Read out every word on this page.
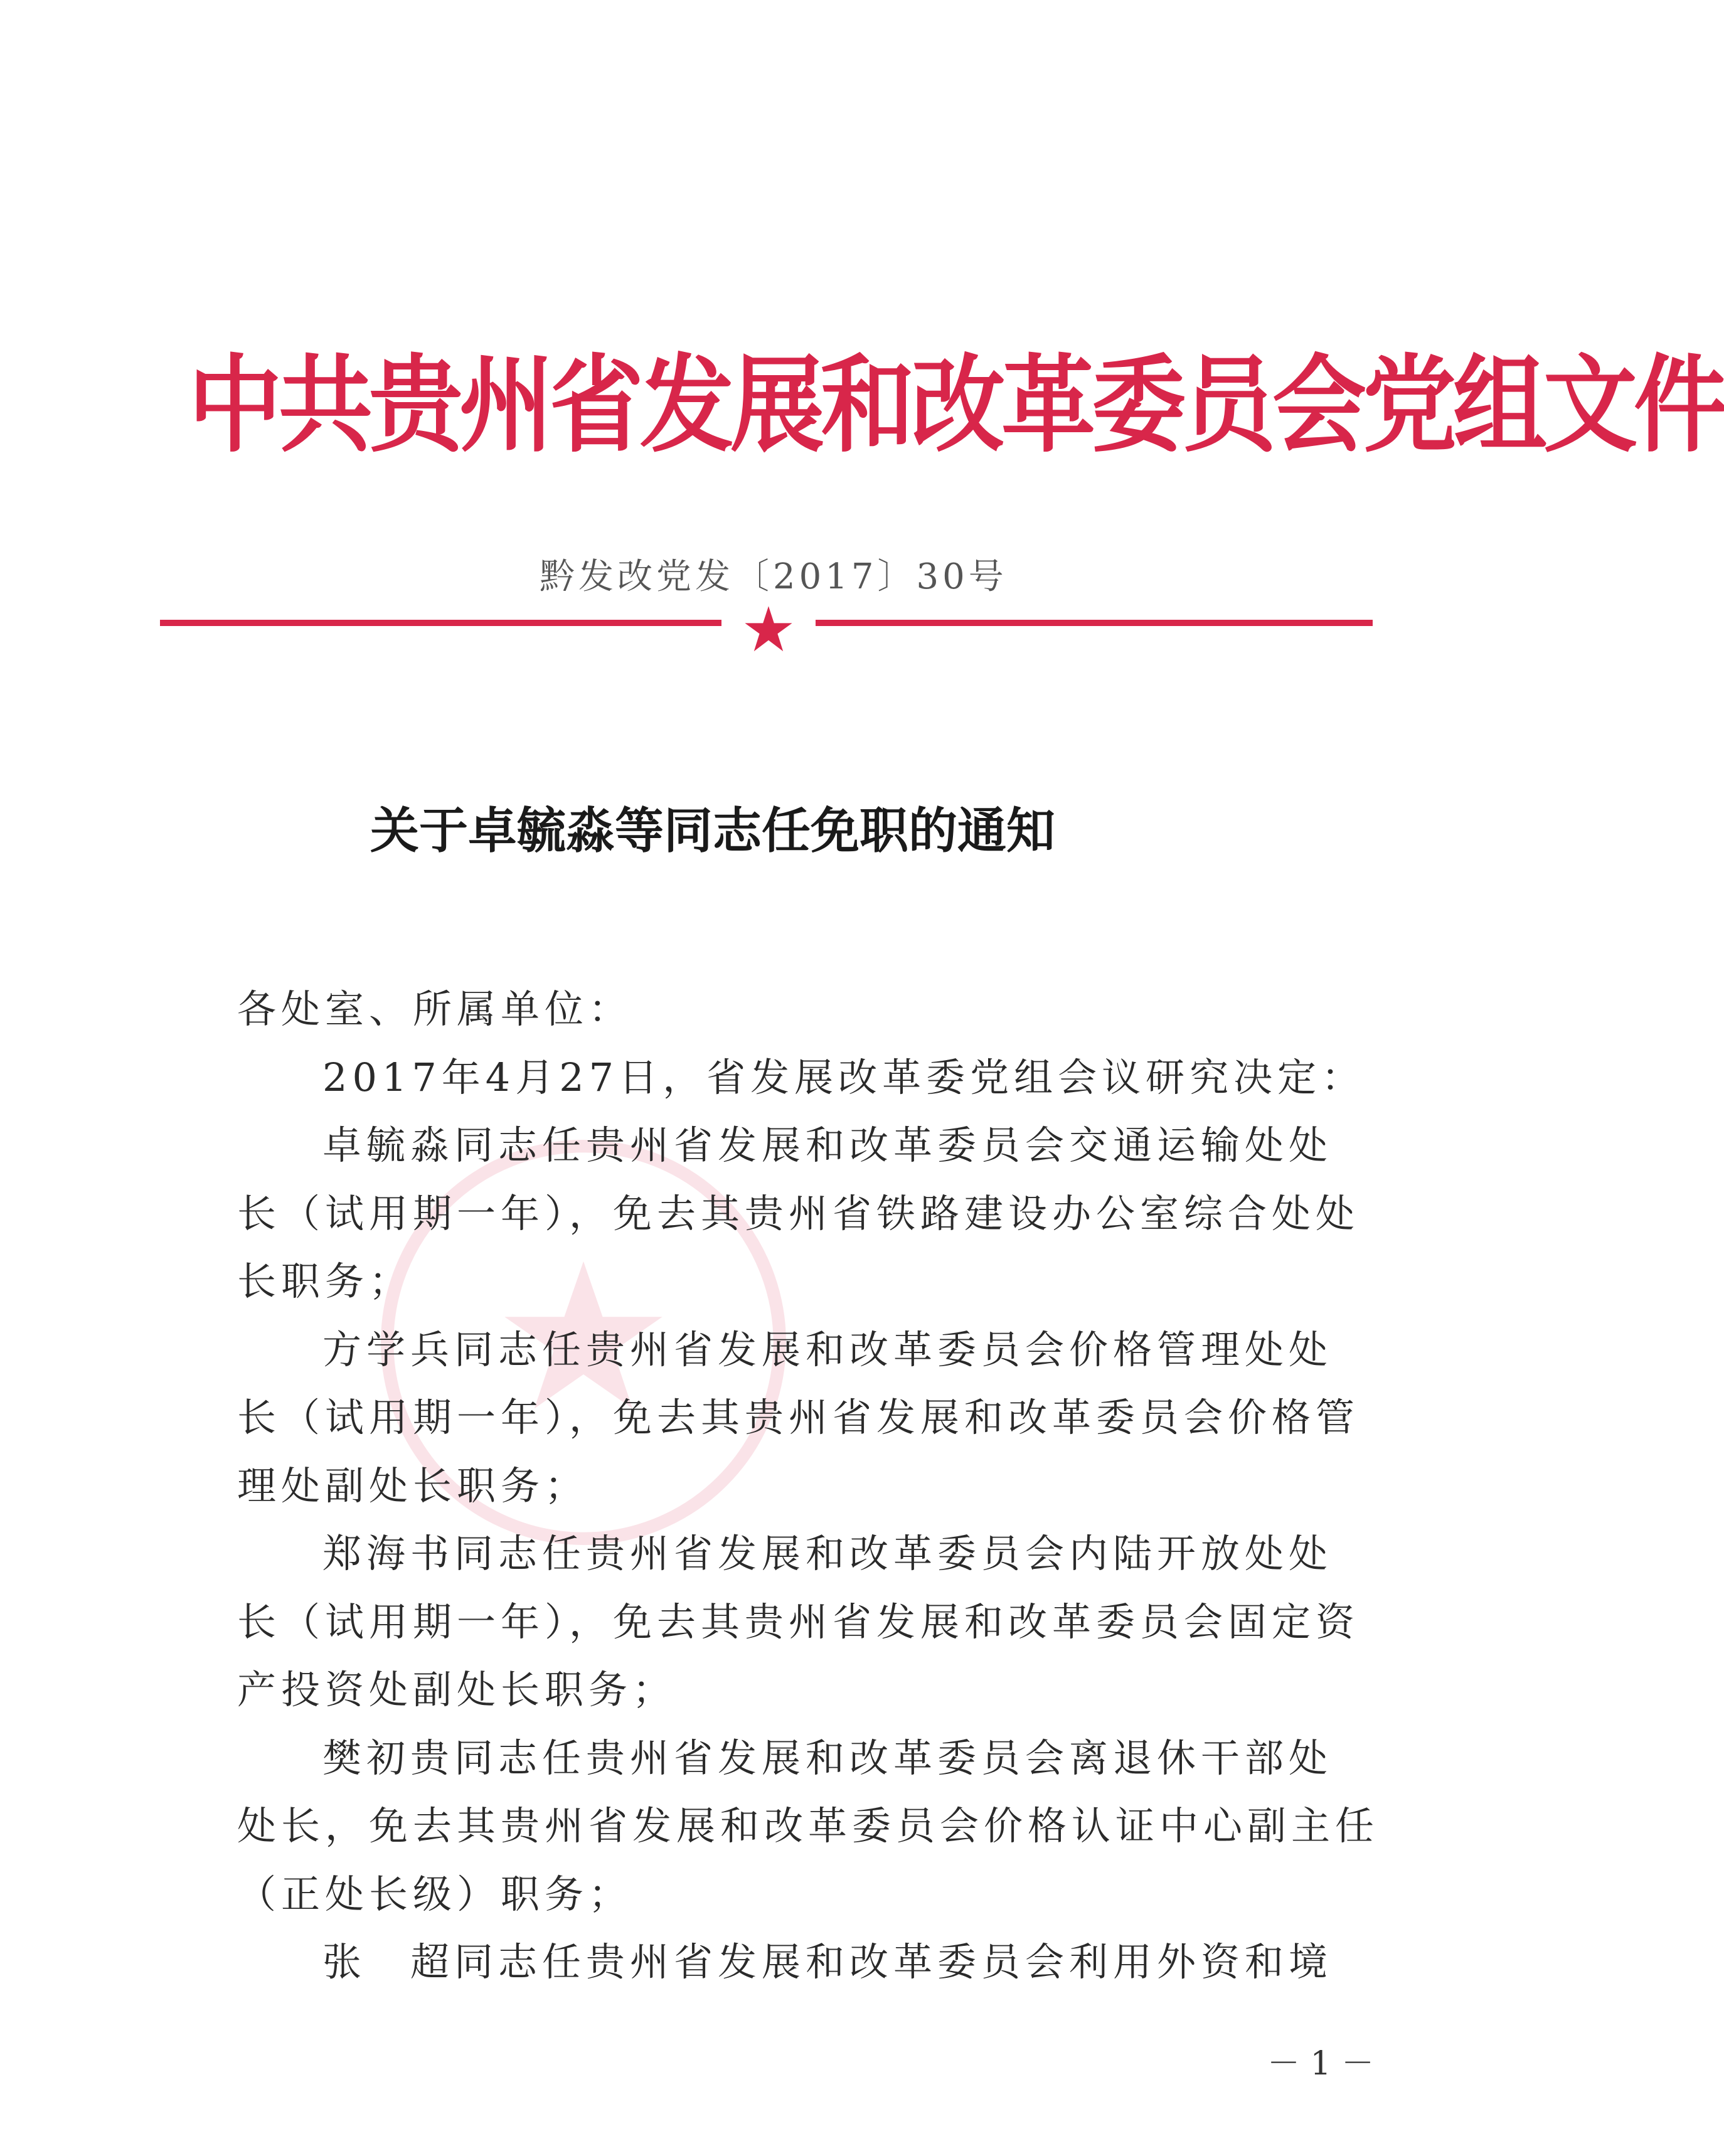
中共贵州省发展和改革委员会党组文件
黔发改党发〔2017〕30号
关于卓毓淼等同志任免职的通知

各处室、所属单位：

2017年4月27日，省发展改革委党组会议研究决定：

卓毓淼同志任贵州省发展和改革委员会交通运输处处

长（试用期一年），免去其贵州省铁路建设办公室综合处处

长职务；

方学兵同志任贵州省发展和改革委员会价格管理处处

长（试用期一年），免去其贵州省发展和改革委员会价格管

理处副处长职务；

郑海书同志任贵州省发展和改革委员会内陆开放处处

长（试用期一年），免去其贵州省发展和改革委员会固定资

产投资处副处长职务；

樊初贵同志任贵州省发展和改革委员会离退休干部处

处长，免去其贵州省发展和改革委员会价格认证中心副主任

（正处长级）职务；

张　超同志任贵州省发展和改革委员会利用外资和境

－ 1 －
